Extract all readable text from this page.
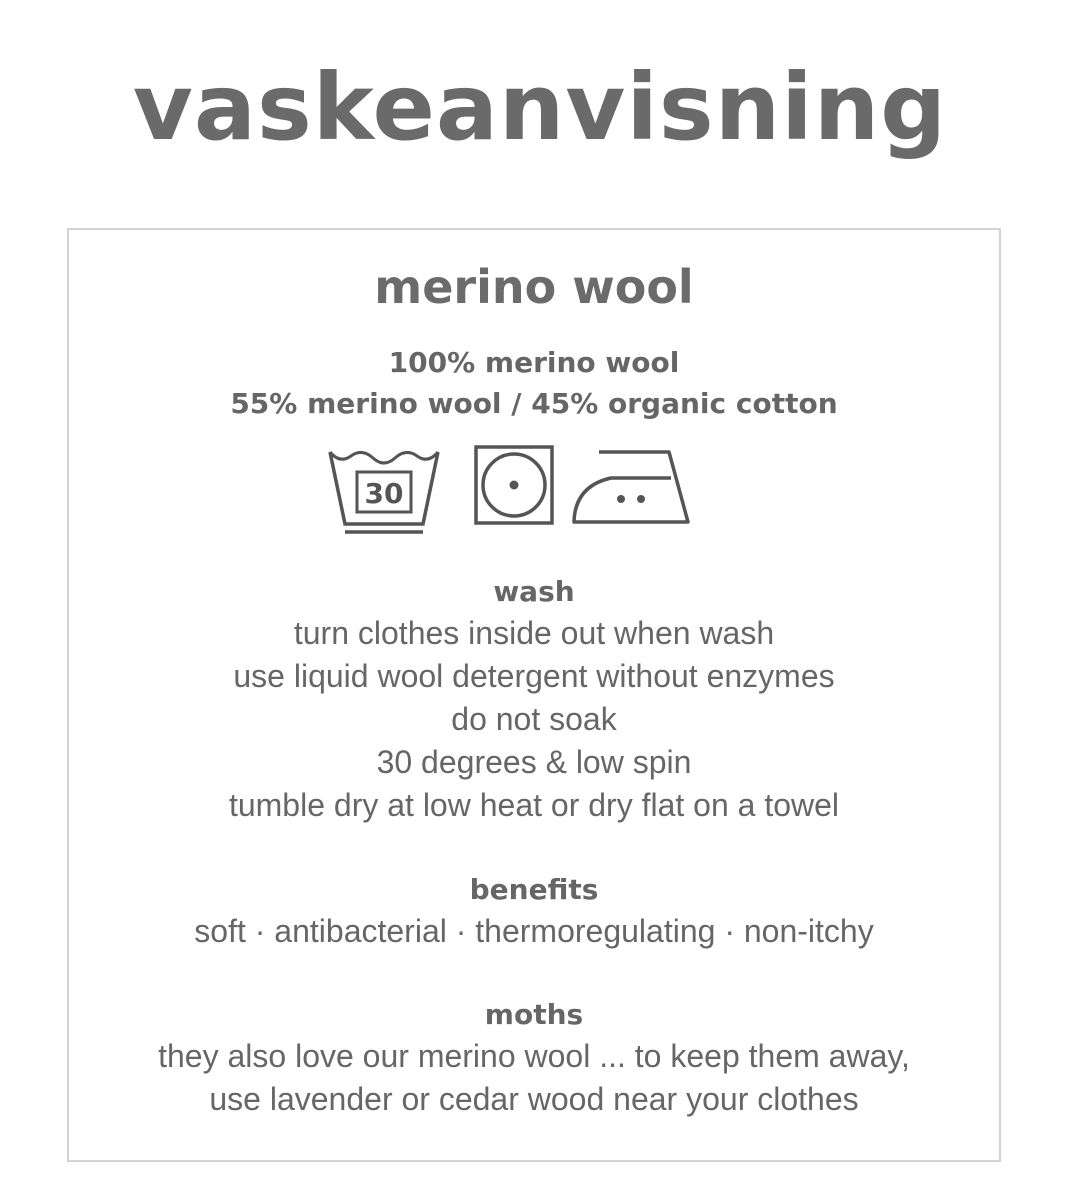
vaskeanvisning
merino wool
100% merino wool
55% merino wool / 45% organic cotton
30
wash
turn clothes inside out when wash
use liquid wool detergent without enzymes
do not soak
30 degrees & low spin
tumble dry at low heat or dry flat on a towel
benefits
soft · antibacterial · thermoregulating · non-itchy
moths
they also love our merino wool ... to keep them away,
use lavender or cedar wood near your clothes
